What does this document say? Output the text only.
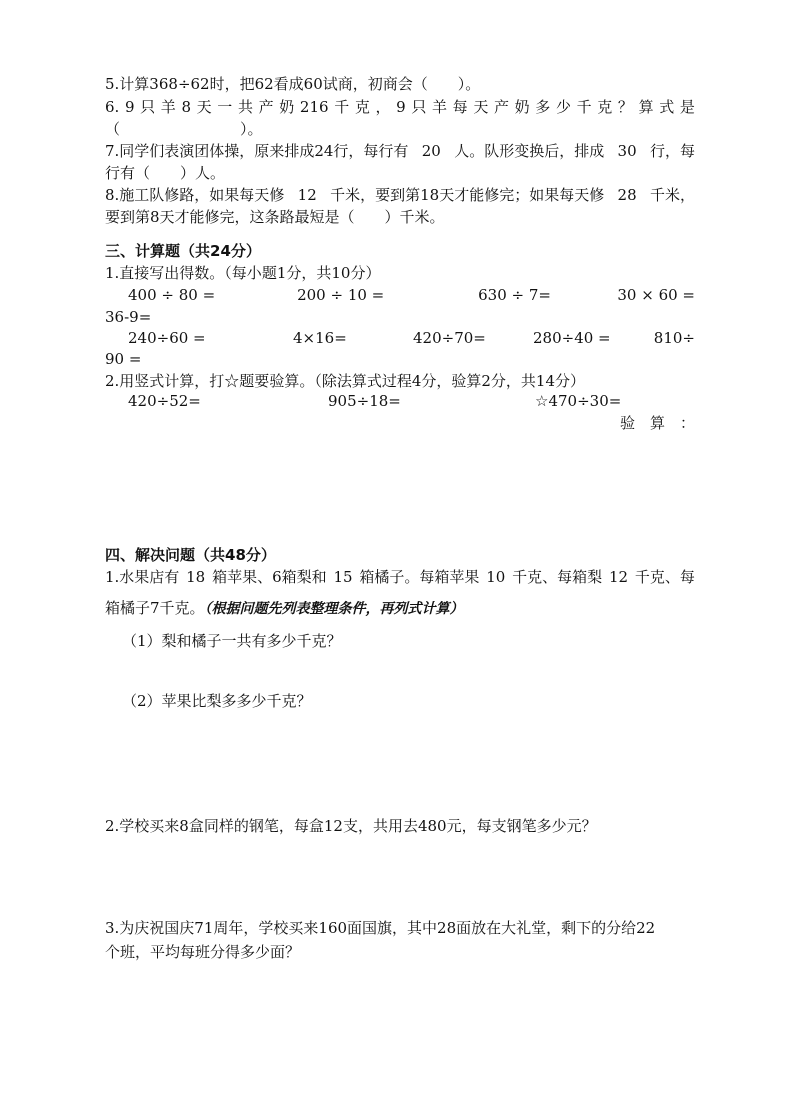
5.计算368÷62时，把62看成60试商，初商会（　　）。
6. 9 只 羊 8 天 一 共 产 奶 216 千 克 ， 9 只 羊 每 天 产 奶 多 少 千 克 ？ 算 式 是
（　　　　　　　　）。
7.同学们表演团体操，原来排成24行，每行有 20 人。队形变换后，排成 30 行，每
行有（　　）人。
8.施工队修路，如果每天修 12 千米，要到第18天才能修完；如果每天修 28 千米，
要到第8天才能修完，这条路最短是（　　）千米。
三、计算题（共24分）
1.直接写出得数。（每小题1分，共10分）
400 ÷ 80 =	200 ÷ 10 =	630 ÷ 7=	30 × 60 =
36-9=
240÷60 =	4×16=	420÷70=	280÷40 =	810÷
90 =
2.用竖式计算，打☆题要验算。（除法算式过程4分，验算2分，共14分）
420÷52=	905÷18=	☆470÷30=
验　算　：
四、解决问题（共48分）
1.水果店有 18 箱苹果、6箱梨和 15 箱橘子。每箱苹果 10 千克、每箱梨 12 千克、每
箱橘子7千克。（根据问题先列表整理条件，再列式计算）
（1）梨和橘子一共有多少千克？
（2）苹果比梨多多少千克？
2.学校买来8盒同样的钢笔，每盒12支，共用去480元，每支钢笔多少元？
3.为庆祝国庆71周年，学校买来160面国旗，其中28面放在大礼堂，剩下的分给22
个班，平均每班分得多少面？
